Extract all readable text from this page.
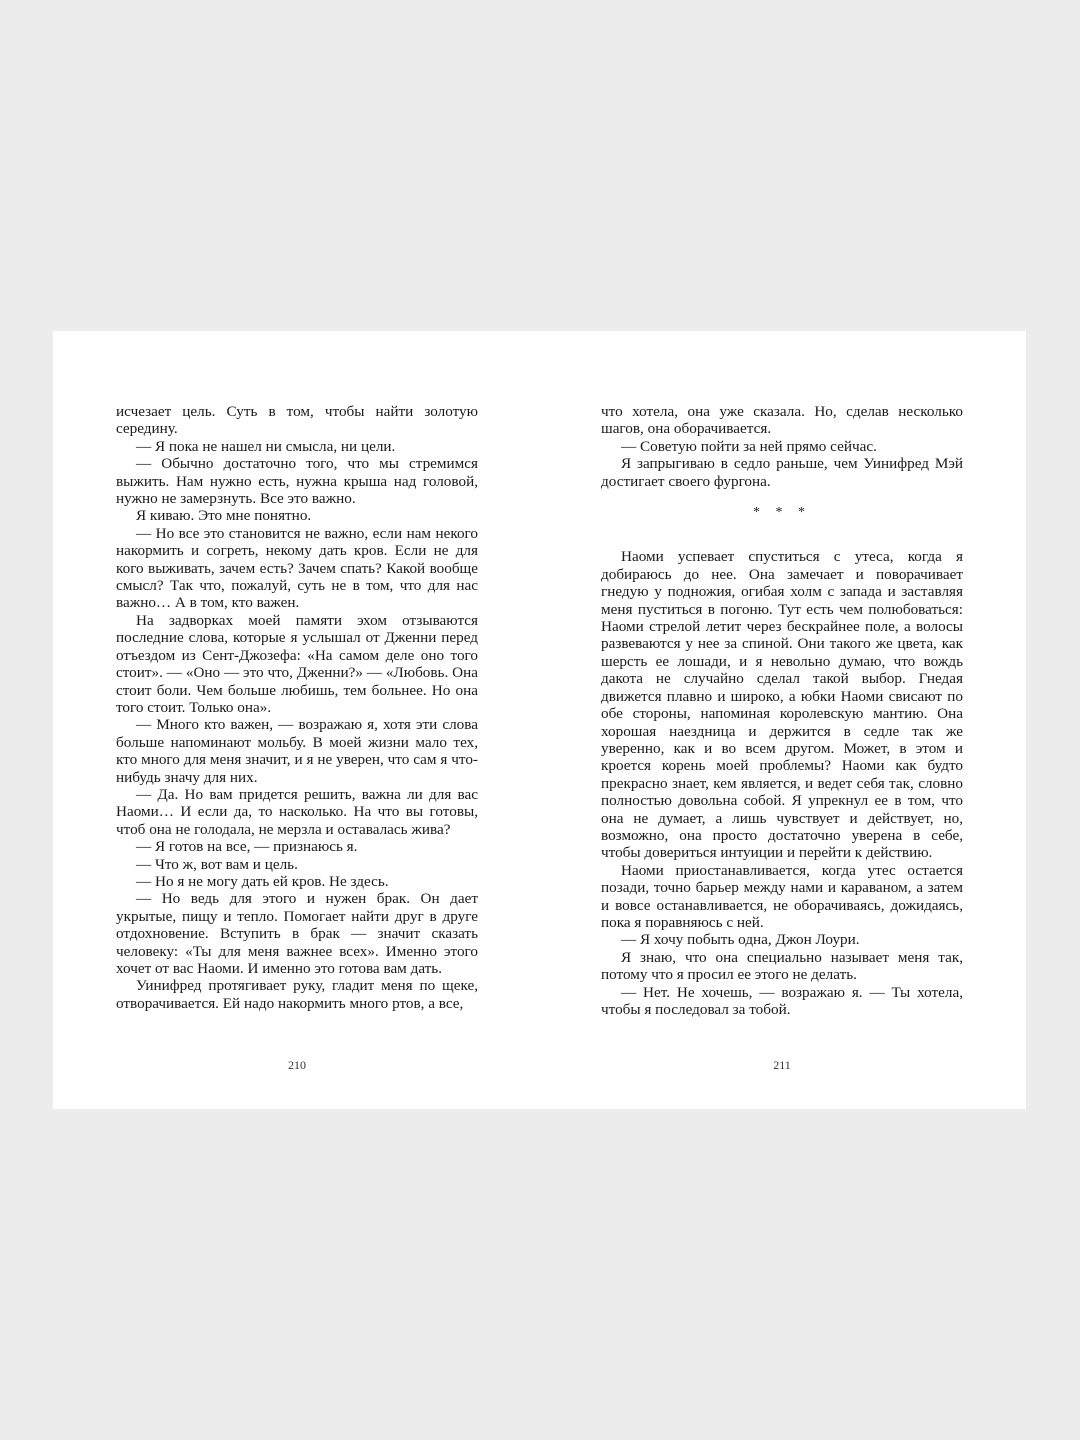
исчезает цель. Суть в том, чтобы найти золотую середину.

— Я пока не нашел ни смысла, ни цели.

— Обычно достаточно того, что мы стремимся выжить. Нам нужно есть, нужна крыша над головой, нужно не замерзнуть. Все это важно.

Я киваю. Это мне понятно.

— Но все это становится не важно, если нам некого накормить и согреть, некому дать кров. Если не для кого выживать, зачем есть? Зачем спать? Какой вообще смысл? Так что, пожалуй, суть не в том, что для нас важно… А в том, кто важен.

На задворках моей памяти эхом отзываются последние слова, которые я услышал от Дженни перед отъездом из Сент-Джозефа: «На самом деле оно того стоит». — «Оно — это что, Дженни?» — «Любовь. Она стоит боли. Чем больше любишь, тем больнее. Но она того стоит. Только она».

— Много кто важен, — возражаю я, хотя эти слова больше напоминают мольбу. В моей жизни мало тех, кто много для меня значит, и я не уверен, что сам я что-нибудь значу для них.

— Да. Но вам придется решить, важна ли для вас Наоми… И если да, то насколько. На что вы готовы, чтоб она не голодала, не мерзла и оставалась жива?

— Я готов на все, — признаюсь я.

— Что ж, вот вам и цель.

— Но я не могу дать ей кров. Не здесь.

— Но ведь для этого и нужен брак. Он дает укрытые, пищу и тепло. Помогает найти друг в друге отдохновение. Вступить в брак — значит сказать человеку: «Ты для меня важнее всех». Именно этого хочет от вас Наоми. И именно это готова вам дать.

Уинифред протягивает руку, гладит меня по щеке, отворачивается. Ей надо накормить много ртов, а все,

что хотела, она уже сказала. Но, сделав несколько шагов, она оборачивается.

— Советую пойти за ней прямо сейчас.

Я запрыгиваю в седло раньше, чем Уинифред Мэй достигает своего фургона.

* * *

Наоми успевает спуститься с утеса, когда я добираюсь до нее. Она замечает и поворачивает гнедую у подножия, огибая холм с запада и заставляя меня пуститься в погоню. Тут есть чем полюбоваться: Наоми стрелой летит через бескрайнее поле, а волосы развеваются у нее за спиной. Они такого же цвета, как шерсть ее лошади, и я невольно думаю, что вождь дакота не случайно сделал такой выбор. Гнедая движется плавно и широко, а юбки Наоми свисают по обе стороны, напоминая королевскую мантию. Она хорошая наездница и держится в седле так же уверенно, как и во всем другом. Может, в этом и кроется корень моей проблемы? Наоми как будто прекрасно знает, кем является, и ведет себя так, словно полностью довольна собой. Я упрекнул ее в том, что она не думает, а лишь чувствует и действует, но, возможно, она просто достаточно уверена в себе, чтобы довериться интуиции и перейти к действию.

Наоми приостанавливается, когда утес остается позади, точно барьер между нами и караваном, а затем и вовсе останавливается, не оборачиваясь, дожидаясь, пока я поравняюсь с ней.

— Я хочу побыть одна, Джон Лоури.

Я знаю, что она специально называет меня так, потому что я просил ее этого не делать.

— Нет. Не хочешь, — возражаю я. — Ты хотела, чтобы я последовал за тобой.

210	211
